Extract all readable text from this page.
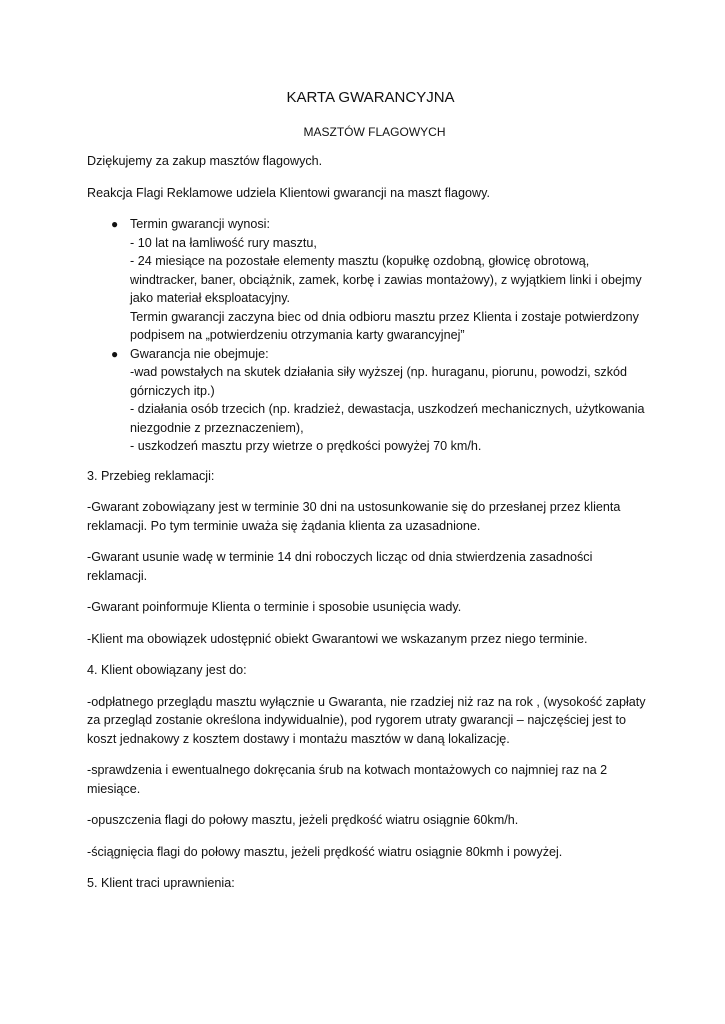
KARTA GWARANCYJNA
MASZTÓW FLAGOWYCH

Dziękujemy za zakup masztów flagowych.

Reakcja Flagi Reklamowe udziela Klientowi gwarancji na maszt flagowy.

● Termin gwarancji wynosi:
- 10 lat na łamliwość rury masztu,
- 24 miesiące na pozostałe elementy masztu (kopułkę ozdobną, głowicę obrotową,
windtracker, baner, obciążnik, zamek, korbę i zawias montażowy), z wyjątkiem linki i obejmy
jako materiał eksploatacyjny.
Termin gwarancji zaczyna biec od dnia odbioru masztu przez Klienta i zostaje potwierdzony
podpisem na „potwierdzeniu otrzymania karty gwarancyjnej”
● Gwarancja nie obejmuje:
-wad powstałych na skutek działania siły wyższej (np. huraganu, piorunu, powodzi, szkód
górniczych itp.)
- działania osób trzecich (np. kradzież, dewastacja, uszkodzeń mechanicznych, użytkowania
niezgodnie z przeznaczeniem),
- uszkodzeń masztu przy wietrze o prędkości powyżej 70 km/h.

3. Przebieg reklamacji:

-Gwarant zobowiązany jest w terminie 30 dni na ustosunkowanie się do przesłanej przez klienta
reklamacji. Po tym terminie uważa się żądania klienta za uzasadnione.

-Gwarant usunie wadę w terminie 14 dni roboczych licząc od dnia stwierdzenia zasadności
reklamacji.

-Gwarant poinformuje Klienta o terminie i sposobie usunięcia wady.

-Klient ma obowiązek udostępnić obiekt Gwarantowi we wskazanym przez niego terminie.

4. Klient obowiązany jest do:

-odpłatnego przeglądu masztu wyłącznie u Gwaranta, nie rzadziej niż raz na rok , (wysokość zapłaty
za przegląd zostanie określona indywidualnie), pod rygorem utraty gwarancji – najczęściej jest to
koszt jednakowy z kosztem dostawy i montażu masztów w daną lokalizację.

-sprawdzenia i ewentualnego dokręcania śrub na kotwach montażowych co najmniej raz na 2
miesiące.

-opuszczenia flagi do połowy masztu, jeżeli prędkość wiatru osiągnie 60km/h.

-ściągnięcia flagi do połowy masztu, jeżeli prędkość wiatru osiągnie 80kmh i powyżej.

5. Klient traci uprawnienia:
